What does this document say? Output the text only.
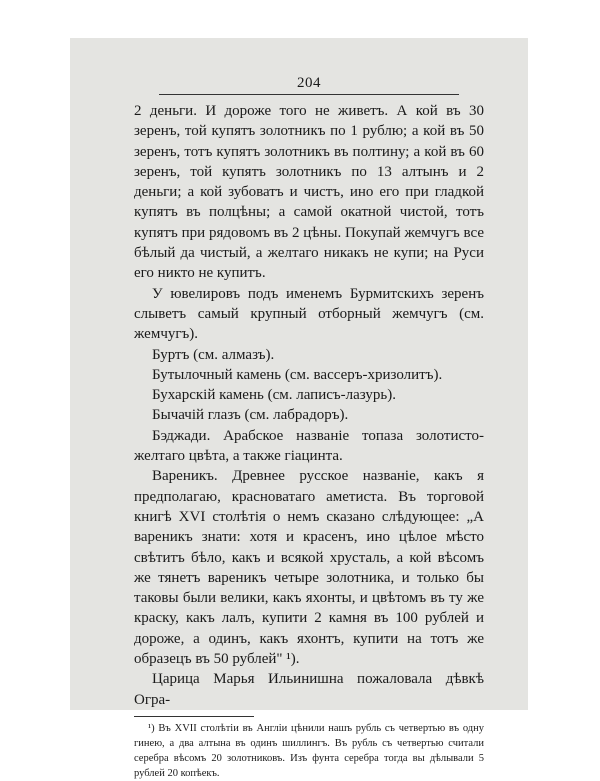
204

2 деньги. И дороже того не живетъ. А кой въ 30 зеренъ, той купятъ золотникъ по 1 рублю; а кой въ 50 зеренъ, тотъ купятъ золотникъ въ полтину; а кой въ 60 зеренъ, той купятъ золотникъ по 13 алтынъ и 2 деньги; а кой зубоватъ и чистъ, ино его при гладкой купятъ въ полцѣны; а самой окатной чистой, тотъ купятъ при рядовомъ въ 2 цѣны. Покупай жемчугъ все бѣлый да чистый, а желтаго никакъ не купи; на Руси его никто не купитъ.

У ювелировъ подъ именемъ Бурмитскихъ зеренъ слыветъ самый крупный отборный жемчугъ (см. жемчугъ).

Буртъ (см. алмазъ).

Бутылочный камень (см. вассеръ-хризолитъ).

Бухарскій камень (см. лаписъ-лазурь).

Бычачій глазъ (см. лабрадоръ).

Бэджади. Арабское названіе топаза золотисто-желтаго цвѣта, а также гіацинта.

Вареникъ. Древнее русское названіе, какъ я предполагаю, красноватаго аметиста. Въ торговой книгѣ XVI столѣтія о немъ сказано слѣдующее: „А вареникъ знати: хотя и красенъ, ино цѣлое мѣсто свѣтитъ бѣло, какъ и всякой хрусталь, а кой вѣсомъ же тянетъ вареникъ четыре золотника, и только бы таковы были велики, какъ яхонты, и цвѣтомъ въ ту же краску, какъ лалъ, купити 2 камня въ 100 рублей и дороже, а одинъ, какъ яхонтъ, купити на тотъ же образецъ въ 50 рублей" ¹).

Царица Марья Ильинишна пожаловала дѣвкѣ Огра-

¹) Въ XVII столѣтіи въ Англіи цѣнили нашъ рубль съ четвертью въ одну гинею, а два алтына въ одинъ шиллингъ. Въ рубль съ четвертью считали серебра вѣсомъ 20 золотниковъ. Изъ фунта серебра тогда вы дѣлывали 5 рублей 20 копѣекъ.
